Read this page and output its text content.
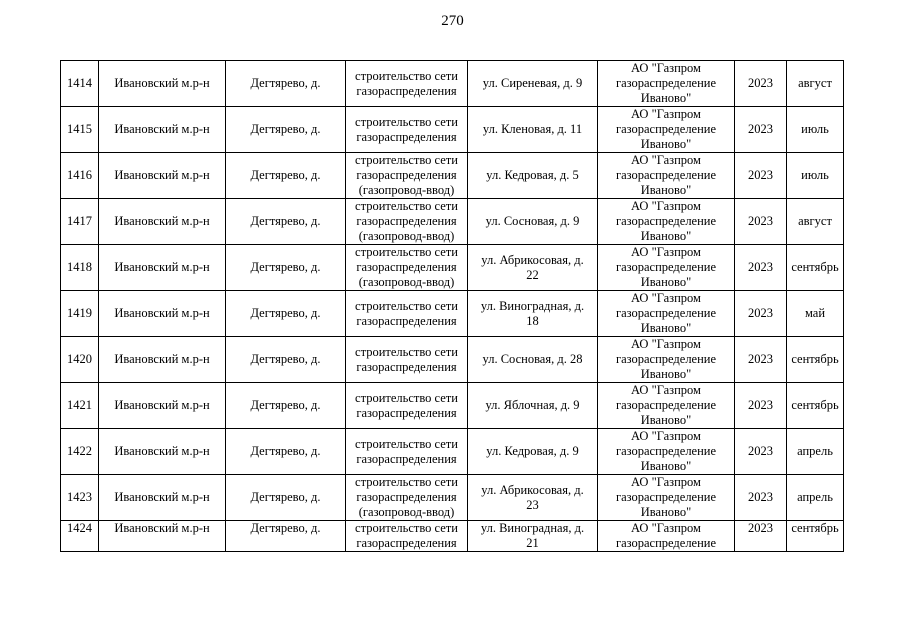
270
1414	Ивановский м.р-н	Дегтярево, д.	строительство сети
газораспределения	ул. Сиреневая, д. 9	АО "Газпром
газораспределение
Иваново"	2023	август

1415	Ивановский м.р-н	Дегтярево, д.	строительство сети
газораспределения	ул. Кленовая, д. 11	АО "Газпром
газораспределение
Иваново"	2023	июль

1416	Ивановский м.р-н	Дегтярево, д.	строительство сети
газораспределения
(газопровод-ввод)	ул. Кедровая, д. 5	АО "Газпром
газораспределение
Иваново"	2023	июль

1417	Ивановский м.р-н	Дегтярево, д.	строительство сети
газораспределения
(газопровод-ввод)	ул. Сосновая, д. 9	АО "Газпром
газораспределение
Иваново"	2023	август

1418	Ивановский м.р-н	Дегтярево, д.	строительство сети
газораспределения
(газопровод-ввод)	ул. Абрикосовая, д.
22	АО "Газпром
газораспределение
Иваново"	2023	сентябрь

1419	Ивановский м.р-н	Дегтярево, д.	строительство сети
газораспределения	ул. Виноградная, д.
18	АО "Газпром
газораспределение
Иваново"	2023	май

1420	Ивановский м.р-н	Дегтярево, д.	строительство сети
газораспределения	ул. Сосновая, д. 28	АО "Газпром
газораспределение
Иваново"	2023	сентябрь

1421	Ивановский м.р-н	Дегтярево, д.	строительство сети
газораспределения	ул. Яблочная, д. 9	АО "Газпром
газораспределение
Иваново"	2023	сентябрь

1422	Ивановский м.р-н	Дегтярево, д.	строительство сети
газораспределения	ул. Кедровая, д. 9	АО "Газпром
газораспределение
Иваново"	2023	апрель

1423	Ивановский м.р-н	Дегтярево, д.	строительство сети
газораспределения
(газопровод-ввод)	ул. Абрикосовая, д.
23	АО "Газпром
газораспределение
Иваново"	2023	апрель

1424	Ивановский м.р-н	Дегтярево, д.	строительство сети
газораспределения	ул. Виноградная, д.
21	АО "Газпром
газораспределение	2023	сентябрь
